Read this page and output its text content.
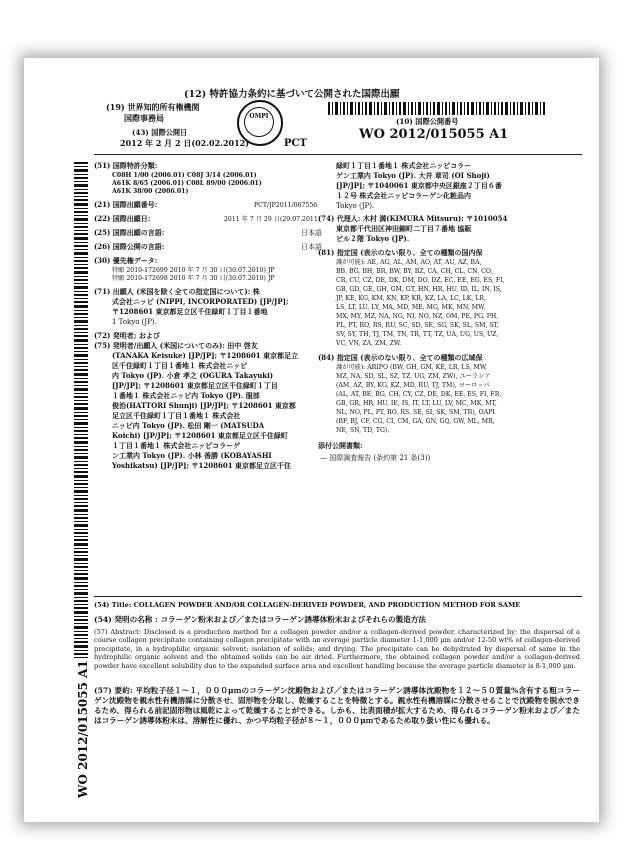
(12) 特許協力条約に基づいて公開された国際出願
(19) 世界知的所有権機関
国際事務局	OMPI
(43) 国際公開日
2012 年 2 月 2 日(02.02.2012)	PCT
(10) 国際公開番号
WO 2012/015055 A1
(51) 国際特許分類:
C08H 1/00 (2006.01) C08J 3/14 (2006.01)
A61K 8/65 (2006.01) C08L 89/00 (2006.01)
A61K 38/00 (2006.01)
(21) 国際出願番号:	PCT/JP2011/067556
(22) 国際出願日:	2011 年 7 月 29 日(29.07.2011)
(25) 国際出願の言語:	日本語
(26) 国際公開の言語:	日本語
(30) 優先権データ:
特願 2010-172699 2010 年 7 月 30 日(30.07.2010) JP
特願 2010-172698 2010 年 7 月 30 日(30.07.2010) JP
(71) 出願人 (米国を除く全ての指定国について): 株
式会社ニッピ (NIPPI, INCORPORATED) [JP/JP];
〒1208601 東京都足立区千住緑町１丁目１番地
1 Tokyo (JP).
(72) 発明者; および
(75) 発明者/出願人 (米国についてのみ): 田中 啓友
(TANAKA Keisuke) [JP/JP]; 〒1208601 東京都足立
区千住緑町１丁目１番地１ 株式会社ニッピ
内 Tokyo (JP). 小倉 孝之 (OGURA Takayuki)
[JP/JP]; 〒1208601 東京都足立区千住緑町１丁目
１番地１ 株式会社ニッピ内 Tokyo (JP). 服部
俊治(HATTORI Shunji) [JP/JP]; 〒1208601 東京都
足立区千住緑町１丁目１番地１ 株式会社
ニッピ内 Tokyo (JP). 松田 剛一 (MATSUDA
Koichi) [JP/JP]; 〒1208601 東京都足立区千住緑町
１丁目１番地１ 株式会社ニッピコラーゲ
ン工業内 Tokyo (JP). 小林 善勝 (KOBAYASHI
Yoshikatsu) [JP/JP]; 〒1208601 東京都足立区千住
緑町１丁目１番地１ 株式会社ニッピコラー
ゲン工業内 Tokyo (JP). 大井 章司 (OI Shoji)
[JP/JP]; 〒1040061 東京都中央区銀座２丁目６番
１２号 株式会社ニッピコラーゲン化粧品内
Tokyo (JP).
(74) 代理人: 木村 満(KIMURA Mitsuru); 〒1010054
東京都千代田区神田錦町二丁目７番地 協販
ビル２階 Tokyo (JP).
(81) 指定国 (表示のない限り、全ての種類の国内保
護が可能): AE, AG, AL, AM, AO, AT, AU, AZ, BA,
BB, BG, BH, BR, BW, BY, BZ, CA, CH, CL, CN, CO,
CR, CU, CZ, DE, DK, DM, DO, DZ, EC, EE, EG, ES, FI,
GB, GD, GE, GH, GM, GT, HN, HR, HU, ID, IL, IN, IS,
JP, KE, KG, KM, KN, KP, KR, KZ, LA, LC, LK, LR,
LS, LT, LU, LY, MA, MD, ME, MG, MK, MN, MW,
MX, MY, MZ, NA, NG, NI, NO, NZ, OM, PE, PG, PH,
PL, PT, RO, RS, RU, SC, SD, SE, SG, SK, SL, SM, ST,
SV, SY, TH, TJ, TM, TN, TR, TT, TZ, UA, UG, US, UZ,
VC, VN, ZA, ZM, ZW.
(84) 指定国 (表示のない限り、全ての種類の広域保
護が可能): ARIPO (BW, GH, GM, KE, LR, LS, MW,
MZ, NA, SD, SL, SZ, TZ, UG, ZM, ZW), ユーラシア
(AM, AZ, BY, KG, KZ, MD, RU, TJ, TM), ヨーロッパ
(AL, AT, BE, BG, CH, CY, CZ, DE, DK, EE, ES, FI, FR,
GB, GR, HR, HU, IE, IS, IT, LT, LU, LV, MC, MK, MT,
NL, NO, PL, PT, RO, RS, SE, SI, SK, SM, TR), OAPI
(BF, BJ, CF, CG, CI, CM, GA, GN, GQ, GW, ML, MR,
NE, SN, TD, TG).
添付公開書類:
— 国際調査報告 (条約第 21 条(3))
WO 2012/015055 A1
(54) Title: COLLAGEN POWDER AND/OR COLLAGEN-DERIVED POWDER, AND PRODUCTION METHOD FOR SAME
(54) 発明の名称 : コラーゲン粉末および／またはコラーゲン誘導体粉末およびそれらの製造方法
(57) Abstract: Disclosed is a production method for a collagen powder and/or a collagen-derived powder, characterized by: the dispersal of a course collagen precipitate containing collagen precipitate with an average particle diameter 1-1,000 μm and/or 12-50 wt% of collagen-derived precipitate, in a hydrophilic organic solvent; isolation of solids; and drying. The precipitate can be dehydrated by dispersal of same in the hydrophilic organic solvent and the obtained solids can be air dried. Furthermore, the obtained collagen powder and/or a collagen-derived powder have excellent solubility due to the expanded surface area and excellent handling because the average particle diameter is 8-1,000 μm.
(57) 要約: 平均粒子径１～１，０００μｍのコラーゲン沈殿物および／またはコラーゲン誘導体沈殿物を１２～５０質量%含有する粗コラーゲン沈殿物を親水性有機溶媒に分散させ、固形物を分取し、乾燥することを特徴とする。親水性有機溶媒に分散させることで沈殿物を脱水できるため、得られる前記固形物は風乾によって乾燥することができる。しかも、比表面積が拡大するため、得られるコラーゲン粉末および／またはコラーゲン誘導体粉末は、溶解性に優れ、かつ平均粒子径が８～１，０００μｍであるため取り扱い性にも優れる。
